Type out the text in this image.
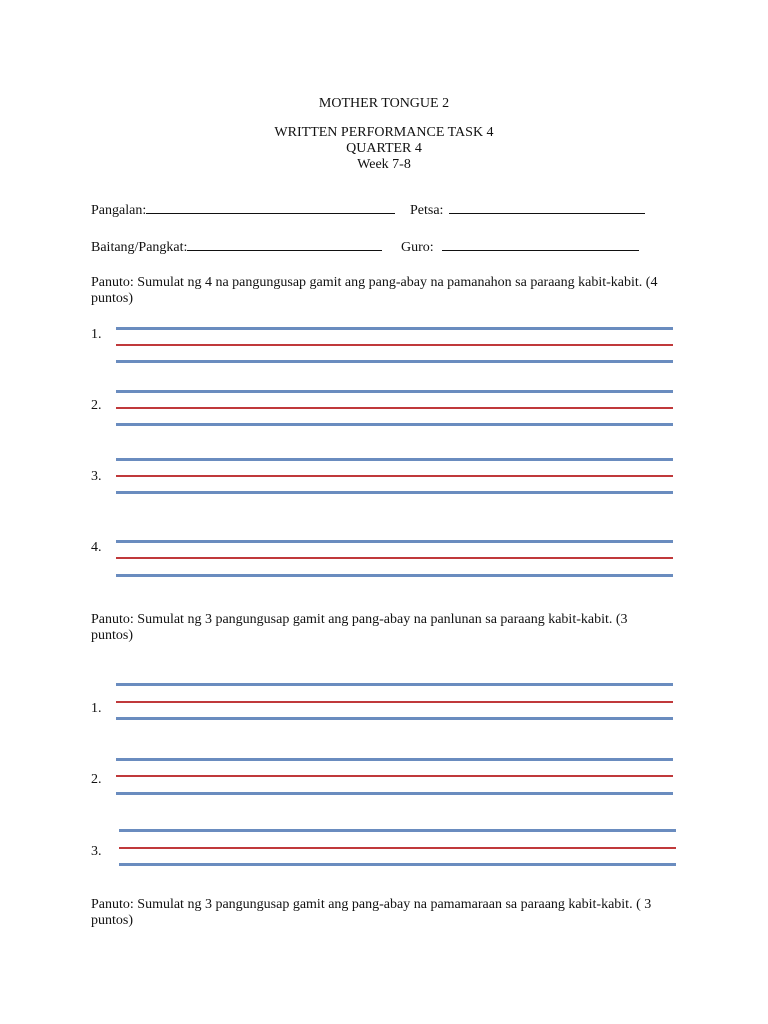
MOTHER TONGUE 2
WRITTEN PERFORMANCE TASK 4
QUARTER 4
Week 7-8
Pangalan:	Petsa:
Baitang/Pangkat:	Guro:
Panuto: Sumulat ng 4 na pangungusap gamit ang pang-abay na pamanahon sa paraang kabit-kabit. (4 puntos)
1.
2.
3.
4.
Panuto: Sumulat ng 3 pangungusap gamit ang pang-abay na panlunan sa paraang kabit-kabit. (3 puntos)
1.
2.
3.
Panuto: Sumulat ng 3 pangungusap gamit ang pang-abay na pamamaraan sa paraang kabit-kabit. ( 3 puntos)
